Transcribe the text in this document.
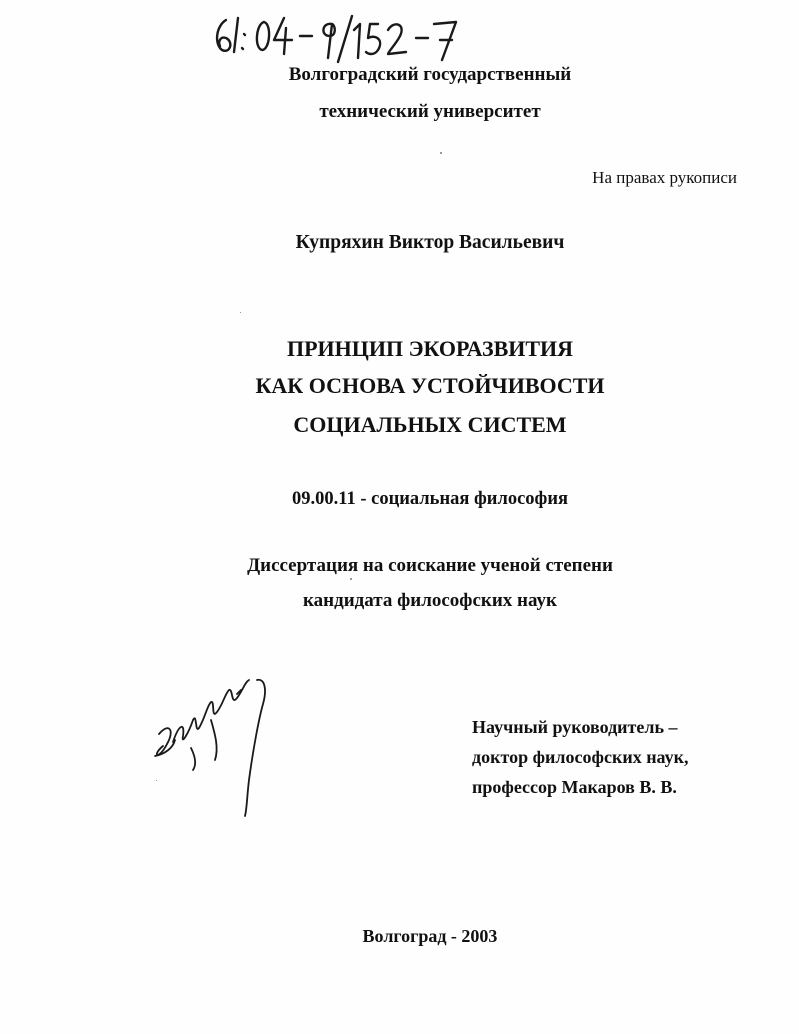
Волгоградский государственный
технический университет
На правах рукописи
Купряхин Виктор Васильевич
ПРИНЦИП ЭКОРАЗВИТИЯ
КАК ОСНОВА УСТОЙЧИВОСТИ
СОЦИАЛЬНЫХ СИСТЕМ
09.00.11 - социальная философия
Диссертация на соискание ученой степени
кандидата философских наук
Научный руководитель –
доктор философских наук,
профессор Макаров В. В.
Волгоград - 2003
